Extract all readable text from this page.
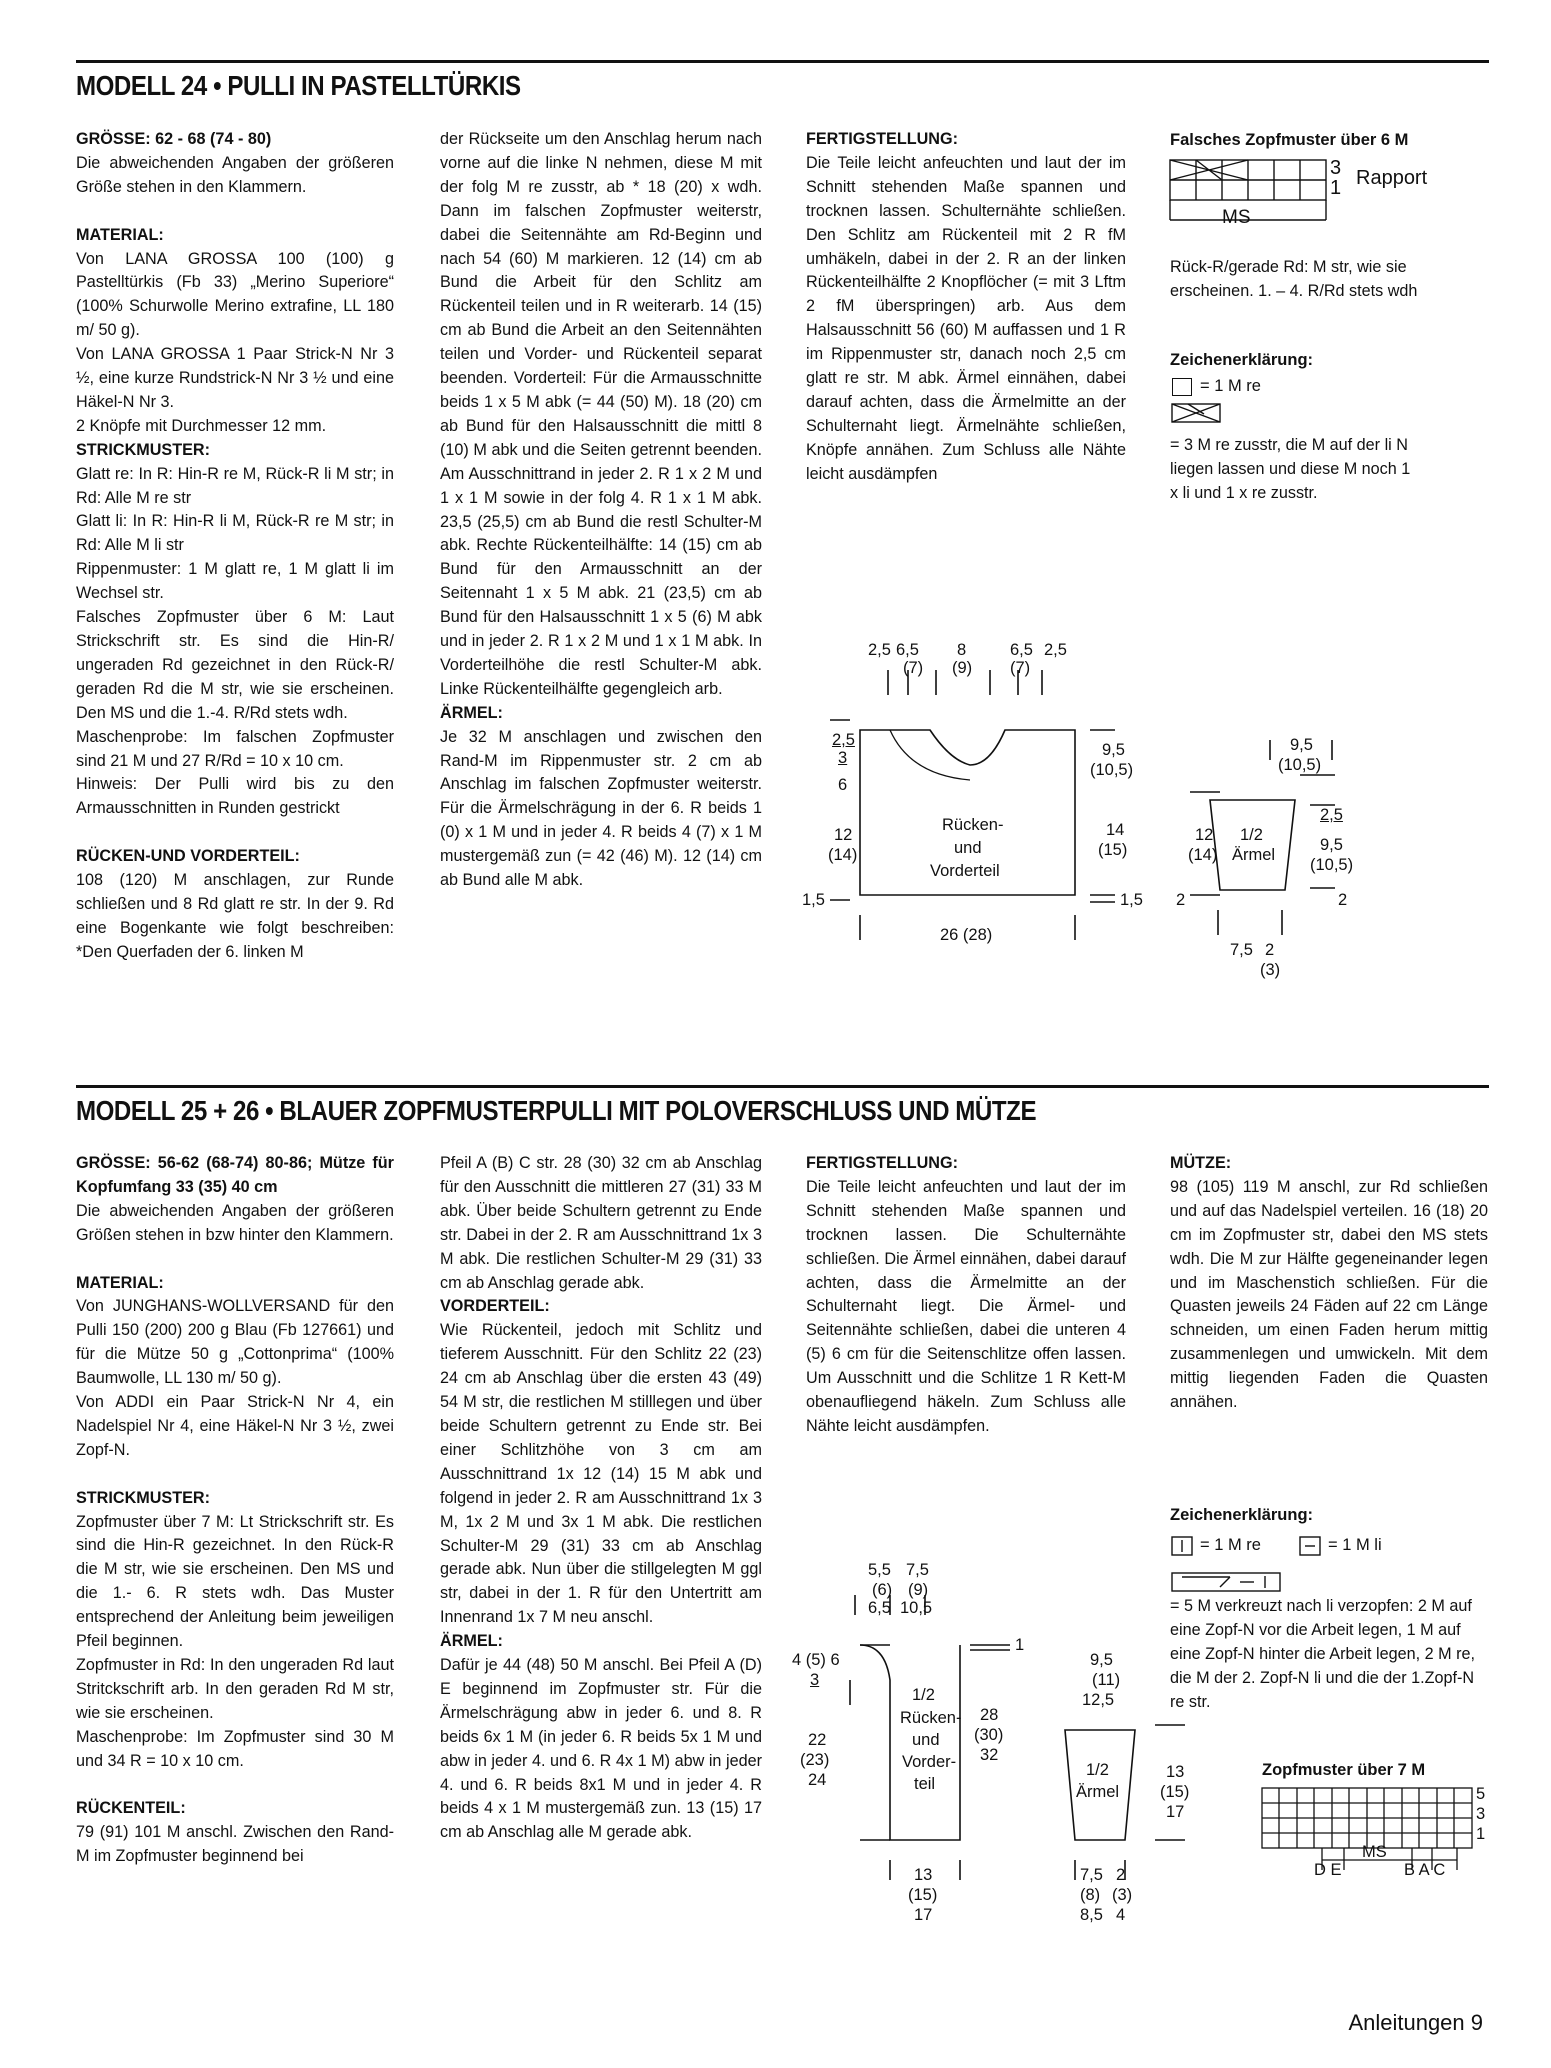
MODELL 24 • PULLI IN PASTELLTÜRKIS

GRÖSSE: 62 - 68 (74 - 80)

Die abweichenden Angaben der größeren Größe stehen in den Klammern.

MATERIAL:

Von LANA GROSSA 100 (100) g Pastelltürkis (Fb 33) „Merino Superiore“ (100% Schurwolle Merino extrafine, LL 180 m/ 50 g).

Von LANA GROSSA 1 Paar Strick-N Nr 3 ½, eine kurze Rundstrick-N Nr 3 ½ und eine Häkel-N Nr 3.

2 Knöpfe mit Durchmesser 12 mm.

STRICKMUSTER:

Glatt re: In R: Hin-R re M, Rück-R li M str; in Rd: Alle M re str

Glatt li: In R: Hin-R li M, Rück-R re M str; in Rd: Alle M li str

Rippenmuster: 1 M glatt re, 1 M glatt li im Wechsel str.

Falsches Zopfmuster über 6 M: Laut Strickschrift str. Es sind die Hin-R/ ungeraden Rd gezeichnet in den Rück-R/ geraden Rd die M str, wie sie erscheinen. Den MS und die 1.-4. R/Rd stets wdh.

Maschenprobe: Im falschen Zopfmuster sind 21 M und 27 R/Rd = 10 x 10 cm.

Hinweis: Der Pulli wird bis zu den Armausschnitten in Runden gestrickt

RÜCKEN-UND VORDERTEIL:

108 (120) M anschlagen, zur Runde schließen und 8 Rd glatt re str. In der 9. Rd eine Bogenkante wie folgt beschreiben: *Den Querfaden der 6. linken M

der Rückseite um den Anschlag herum nach vorne auf die linke N nehmen, diese M mit der folg M re zusstr, ab * 18 (20) x wdh. Dann im falschen Zopfmuster weiterstr, dabei die Seitennähte am Rd-Beginn und nach 54 (60) M markieren. 12 (14) cm ab Bund die Arbeit für den Schlitz am Rückenteil teilen und in R weiterarb. 14 (15) cm ab Bund die Arbeit an den Seitennähten teilen und Vorder- und Rückenteil separat beenden. Vorderteil: Für die Armausschnitte beids 1 x 5 M abk (= 44 (50) M). 18 (20) cm ab Bund für den Halsausschnitt die mittl 8 (10) M abk und die Seiten getrennt beenden. Am Ausschnittrand in jeder 2. R 1 x 2 M und 1 x 1 M sowie in der folg 4. R 1 x 1 M abk. 23,5 (25,5) cm ab Bund die restl Schulter-M abk. Rechte Rückenteilhälfte: 14 (15) cm ab Bund für den Armausschnitt an der Seitennaht 1 x 5 M abk. 21 (23,5) cm ab Bund für den Halsausschnitt 1 x 5 (6) M abk und in jeder 2. R 1 x 2 M und 1 x 1 M abk. In Vorderteilhöhe die restl Schulter-M abk. Linke Rückenteilhälfte gegengleich arb.

ÄRMEL:

Je 32 M anschlagen und zwischen den Rand-M im Rippenmuster str. 2 cm ab Anschlag im falschen Zopfmuster weiterstr. Für die Ärmelschrägung in der 6. R beids 1 (0) x 1 M und in jeder 4. R beids 4 (7) x 1 M mustergemäß zun (= 42 (46) M). 12 (14) cm ab Bund alle M abk.

FERTIGSTELLUNG:

Die Teile leicht anfeuchten und laut der im Schnitt stehenden Maße spannen und trocknen lassen. Schulternähte schließen. Den Schlitz am Rückenteil mit 2 R fM umhäkeln, dabei in der 2. R an der linken Rückenteilhälfte 2 Knopflöcher (= mit 3 Lftm 2 fM überspringen) arb. Aus dem Halsausschnitt 56 (60) M auffassen und 1 R im Rippenmuster str, danach noch 2,5 cm glatt re str. M abk. Ärmel einnähen, dabei darauf achten, dass die Ärmelmitte an der Schulternaht liegt. Ärmelnähte schließen, Knöpfe annähen. Zum Schluss alle Nähte leicht ausdämpfen

Falsches Zopfmuster über 6 M
3
1 Rapport
MS
Rück-R/gerade Rd: M str, wie sie erscheinen. 1. – 4. R/Rd stets wdh
Zeichenerklärung:
= 1 M re
= 3 M re zusstr, die M auf der li N liegen lassen und diese M noch 1 x li und 1 x re zusstr.
2,5 6,5
(7)
8
(9)
6,5
(7)
2,5
2,5
3
6
12
(14)
1,5
Rücken-
und
Vorderteil
9,5
(10,5)
14
(15)
1,5
26 (28)
9,5
(10,5)
12
(14)
2
1/2
Ärmel
2,5
9,5
(10,5)
2
7,5 2
(3)
MODELL 25 + 26 • BLAUER ZOPFMUSTERPULLI MIT POLOVERSCHLUSS UND MÜTZE

GRÖSSE: 56-62 (68-74) 80-86; Mütze für Kopfumfang 33 (35) 40 cm

Die abweichenden Angaben der größeren Größen stehen in bzw hinter den Klammern.

MATERIAL:

Von JUNGHANS-WOLLVERSAND für den Pulli 150 (200) 200 g Blau (Fb 127661) und für die Mütze 50 g „Cottonprima“ (100% Baumwolle, LL 130 m/ 50 g).

Von ADDI ein Paar Strick-N Nr 4, ein Nadelspiel Nr 4, eine Häkel-N Nr 3 ½, zwei Zopf-N.

STRICKMUSTER:

Zopfmuster über 7 M: Lt Strickschrift str. Es sind die Hin-R gezeichnet. In den Rück-R die M str, wie sie erscheinen. Den MS und die 1.- 6. R stets wdh. Das Muster entsprechend der Anleitung beim jeweiligen Pfeil beginnen.

Zopfmuster in Rd: In den ungeraden Rd laut Stritckschrift arb. In den geraden Rd M str, wie sie erscheinen.

Maschenprobe: Im Zopfmuster sind 30 M und 34 R = 10 x 10 cm.

RÜCKENTEIL:

79 (91) 101 M anschl. Zwischen den Rand-M im Zopfmuster beginnend bei

Pfeil A (B) C str. 28 (30) 32 cm ab Anschlag für den Ausschnitt die mittleren 27 (31) 33 M abk. Über beide Schultern getrennt zu Ende str. Dabei in der 2. R am Ausschnittrand 1x 3 M abk. Die restlichen Schulter-M 29 (31) 33 cm ab Anschlag gerade abk.

VORDERTEIL:

Wie Rückenteil, jedoch mit Schlitz und tieferem Ausschnitt. Für den Schlitz 22 (23) 24 cm ab Anschlag über die ersten 43 (49) 54 M str, die restlichen M stilllegen und über beide Schultern getrennt zu Ende str. Bei einer Schlitzhöhe von 3 cm am Ausschnittrand 1x 12 (14) 15 M abk und folgend in jeder 2. R am Ausschnittrand 1x 3 M, 1x 2 M und 3x 1 M abk. Die restlichen Schulter-M 29 (31) 33 cm ab Anschlag gerade abk. Nun über die stillgelegten M ggl str, dabei in der 1. R für den Untertritt am Innenrand 1x 7 M neu anschl.

ÄRMEL:

Dafür je 44 (48) 50 M anschl. Bei Pfeil A (D) E beginnend im Zopfmuster str. Für die Ärmelschrägung abw in jeder 6. und 8. R beids 6x 1 M (in jeder 6. R beids 5x 1 M und abw in jeder 4. und 6. R 4x 1 M) abw in jeder 4. und 6. R beids 8x1 M und in jeder 4. R beids 4 x 1 M mustergemäß zun. 13 (15) 17 cm ab Anschlag alle M gerade abk.

FERTIGSTELLUNG:

Die Teile leicht anfeuchten und laut der im Schnitt stehenden Maße spannen und trocknen lassen. Die Schulternähte schließen. Die Ärmel einnähen, dabei darauf achten, dass die Ärmelmitte an der Schulternaht liegt. Die Ärmel- und Seitennähte schließen, dabei die unteren 4 (5) 6 cm für die Seitenschlitze offen lassen. Um Ausschnitt und die Schlitze 1 R Kett-M obenaufliegend häkeln. Zum Schluss alle Nähte leicht ausdämpfen.

MÜTZE:

98 (105) 119 M anschl, zur Rd schließen und auf das Nadelspiel verteilen. 16 (18) 20 cm im Zopfmuster str, dabei den MS stets wdh. Die M zur Hälfte gegeneinander legen und im Maschenstich schließen. Für die Quasten jeweils 24 Fäden auf 22 cm Länge schneiden, um einen Faden herum mittig zusammenlegen und umwickeln. Mit dem mittig liegenden Faden die Quasten annähen.

Zeichenerklärung:
= 1 M re	= 1 M li
= 5 M verkreuzt nach li verzopfen: 2 M auf eine Zopf-N vor die Arbeit legen, 1 M auf eine Zopf-N hinter die Arbeit legen, 2 M re, die M der 2. Zopf-N li und die der 1.Zopf-N re str.
Zopfmuster über 7 M
5
3
1
MS
D E	B A C
5,5
(6)
6,5
7,5
(9)
10,5
4 (5) 6
3
22
(23)
24
1/2
Rücken-
und
Vorder-
teil
1
28
(30)
32
13
(15)
17
9,5
(11)
12,5
1/2
Ärmel
13
(15)
17
7,5
(8)
8,5
2
(3)
4
Anleitungen 9
